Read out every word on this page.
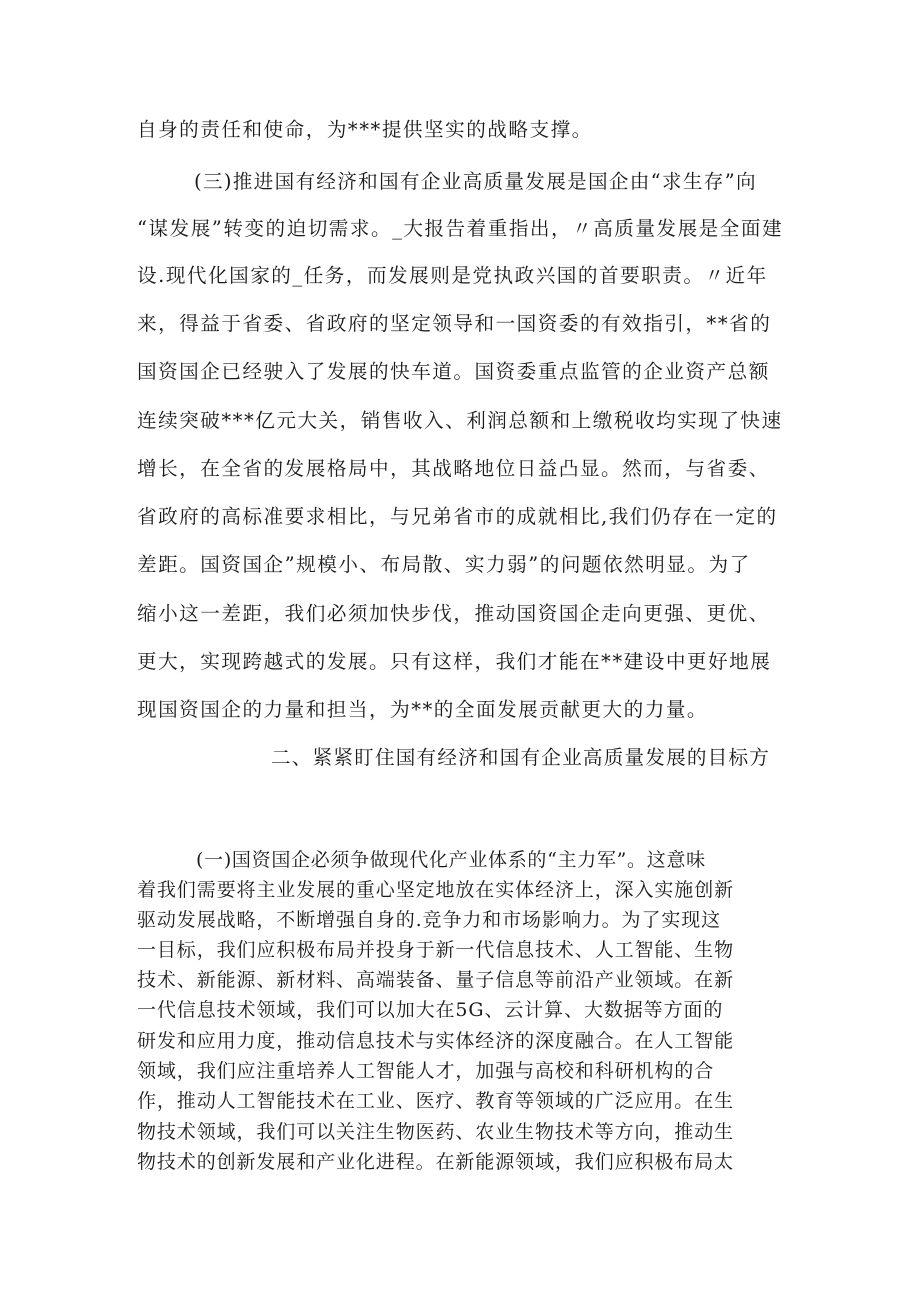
自身的责任和使命，为***提供坚实的战略支撑。
(三)推进国有经济和国有企业高质量发展是国企由“求生存”向
“谋发展”转变的迫切需求。_大报告着重指出，〃高质量发展是全面建
设.现代化国家的_任务，而发展则是党执政兴国的首要职责。〃近年
来，得益于省委、省政府的坚定领导和一国资委的有效指引，**省的
国资国企已经驶入了发展的快车道。国资委重点监管的企业资产总额
连续突破***亿元大关，销售收入、利润总额和上缴税收均实现了快速
增长，在全省的发展格局中，其战略地位日益凸显。然而，与省委、
省政府的高标准要求相比，与兄弟省市的成就相比,我们仍存在一定的
差距。国资国企”规模小、布局散、实力弱”的问题依然明显。为了
缩小这一差距，我们必须加快步伐，推动国资国企走向更强、更优、
更大，实现跨越式的发展。只有这样，我们才能在**建设中更好地展
现国资国企的力量和担当，为**的全面发展贡献更大的力量。
二、紧紧盯住国有经济和国有企业高质量发展的目标方
(一)国资国企必须争做现代化产业体系的“主力军”。这意味
着我们需要将主业发展的重心坚定地放在实体经济上，深入实施创新
驱动发展战略，不断增强自身的.竞争力和市场影响力。为了实现这
一目标，我们应积极布局并投身于新一代信息技术、人工智能、生物
技术、新能源、新材料、高端装备、量子信息等前沿产业领域。在新
一代信息技术领域，我们可以加大在5G、云计算、大数据等方面的
研发和应用力度，推动信息技术与实体经济的深度融合。在人工智能
领域，我们应注重培养人工智能人才，加强与高校和科研机构的合
作，推动人工智能技术在工业、医疗、教育等领域的广泛应用。在生
物技术领域，我们可以关注生物医药、农业生物技术等方向，推动生
物技术的创新发展和产业化进程。在新能源领域，我们应积极布局太
